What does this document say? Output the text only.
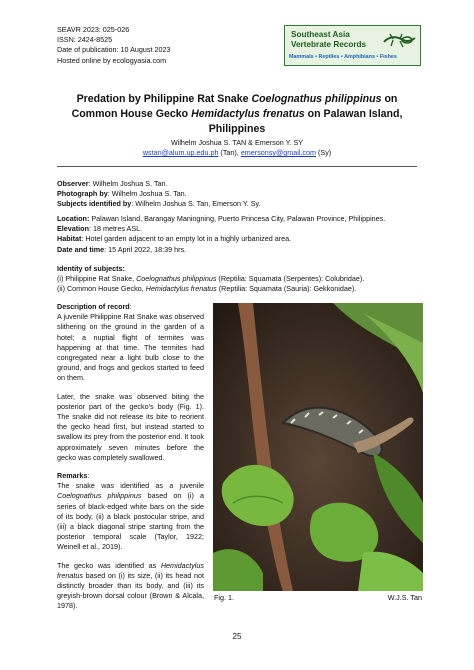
SEAVR 2023: 025-026
ISSN: 2424-8525
Date of publication: 10 August 2023
Hosted online by ecologyasia.com
Southeast Asia
Vertebrate Records
Mammals • Reptiles • Amphibians • Fishes
Predation by Philippine Rat Snake Coelognathus philippinus on Common House Gecko Hemidactylus frenatus on Palawan Island, Philippines
Wilhelm Joshua S. TAN & Emerson Y. SY
wstan@alum.up.edu.ph (Tan), emersonsy@gmail.com (Sy)
Observer: Wilhelm Joshua S. Tan.
Photograph by: Wilhelm Joshua S. Tan.
Subjects identified by: Wilhelm Joshua S. Tan, Emerson Y. Sy.
Location: Palawan Island, Barangay Maningning, Puerto Princesa City, Palawan Province, Philippines.
Elevation: 18 metres ASL.
Habitat: Hotel garden adjacent to an empty lot in a highly urbanized area.
Date and time: 15 April 2022, 18:39 hrs.
Identity of subjects:
(i) Philippine Rat Snake, Coelognathus philippinus (Reptilia: Squamata (Serpentes): Colubridae).
(ii) Common House Gecko, Hemidactylus frenatus (Reptilia: Squamata (Sauria): Gekkonidae).
Description of record:

A juvenile Philippine Rat Snake was observed slithering on the ground in the garden of a hotel; a nuptial flight of termites was happening at that time. The termites had congregated near a light bulb close to the ground, and frogs and geckos started to feed on them.

Later, the snake was observed biting the posterior part of the gecko's body (Fig. 1). The snake did not release its bite to reorient the gecko head first, but instead started to swallow its prey from the posterior end. It took approximately seven minutes before the gecko was completely swallowed.

Remarks:

The snake was identified as a juvenile Coelognathus philippinus based on (i) a series of black-edged white bars on the side of its body, (ii) a black postocular stripe, and (iii) a black diagonal stripe starting from the posterior temporal scale (Taylor, 1922; Weinell et al., 2019).

The gecko was identified as Hemidactylus frenatus based on (i) its size, (ii) its head not distinctly broader than its body, and (iii) its greyish-brown dorsal colour (Brown & Alcala, 1978).

Fig. 1.	W.J.S. Tan
25
